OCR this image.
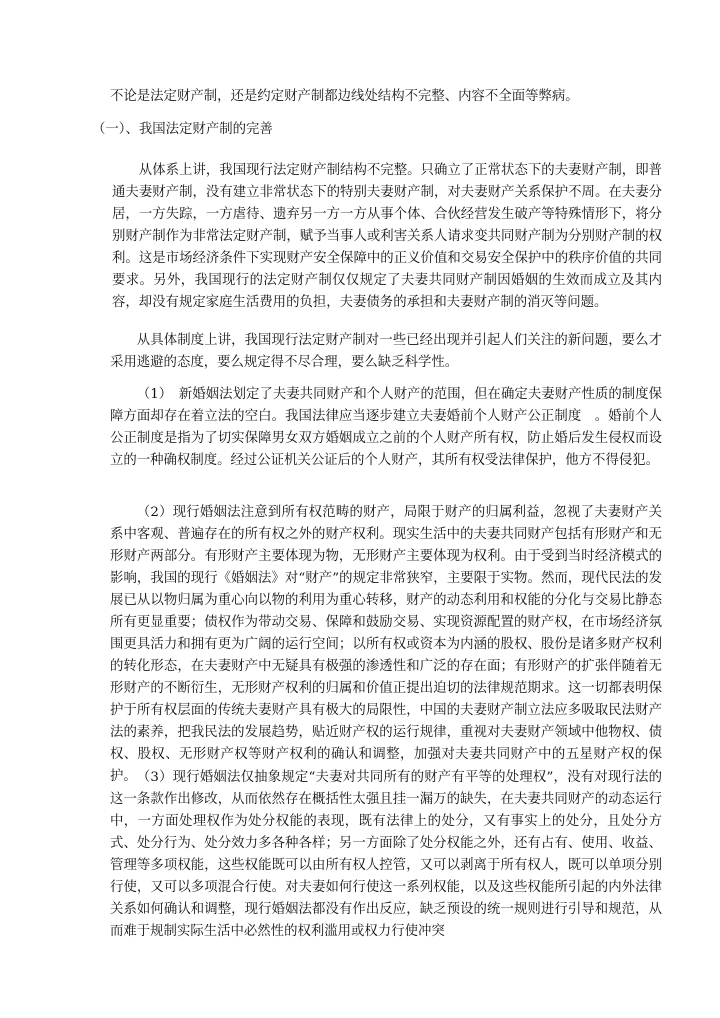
不论是法定财产制，还是约定财产制都边线处结构不完整、内容不全面等弊病。

（一）、我国法定财产制的完善

从体系上讲，我国现行法定财产制结构不完整。只确立了正常状态下的夫妻财产制，即普通夫妻财产制，没有建立非常状态下的特别夫妻财产制，对夫妻财产关系保护不周。在夫妻分居，一方失踪，一方虐待、遗弃另一方一方从事个体、合伙经营发生破产等特殊情形下，将分别财产制作为非常法定财产制，赋予当事人或利害关系人请求变共同财产制为分别财产制的权利。这是市场经济条件下实现财产安全保障中的正义价值和交易安全保护中的秩序价值的共同要求。另外，我国现行的法定财产制仅仅规定了夫妻共同财产制因婚姻的生效而成立及其内容，却没有规定家庭生活费用的负担，夫妻债务的承担和夫妻财产制的消灭等问题。

从具体制度上讲，我国现行法定财产制对一些已经出现并引起人们关注的新问题，要么才采用逃避的态度，要么规定得不尽合理，要么缺乏科学性。

（1）　新婚姻法划定了夫妻共同财产和个人财产的范围，但在确定夫妻财产性质的制度保障方面却存在着立法的空白。我国法律应当逐步建立夫妻婚前个人财产公正制度　。婚前个人公正制度是指为了切实保障男女双方婚姻成立之前的个人财产所有权，防止婚后发生侵权而设立的一种确权制度。经过公证机关公证后的个人财产，其所有权受法律保护，他方不得侵犯。

（2）现行婚姻法注意到所有权范畴的财产，局限于财产的归属利益，忽视了夫妻财产关系中客观、普遍存在的所有权之外的财产权利。现实生活中的夫妻共同财产包括有形财产和无形财产两部分。有形财产主要体现为物，无形财产主要体现为权利。由于受到当时经济模式的影响，我国的现行《婚姻法》对“财产”的规定非常狭窄，主要限于实物。然而，现代民法的发展已从以物归属为重心向以物的利用为重心转移，财产的动态利用和权能的分化与交易比静态所有更显重要；债权作为带动交易、保障和鼓励交易、实现资源配置的财产权，在市场经济氛围更具活力和拥有更为广阔的运行空间；以所有权或资本为内涵的股权、股份是诸多财产权利的转化形态，在夫妻财产中无疑具有极强的渗透性和广泛的存在面；有形财产的扩张伴随着无形财产的不断衍生，无形财产权利的归属和价值正提出迫切的法律规范期求。这一切都表明保护于所有权层面的传统夫妻财产具有极大的局限性，中国的夫妻财产制立法应多吸取民法财产法的素养，把我民法的发展趋势，贴近财产权的运行规律，重视对夫妻财产领域中他物权、债权、股权、无形财产权等财产权利的确认和调整，加强对夫妻共同财产中的五星财产权的保护。 （3）现行婚姻法仅抽象规定“夫妻对共同所有的财产有平等的处理权”，没有对现行法的这一条款作出修改，从而依然存在概括性太强且挂一漏万的缺失，在夫妻共同财产的动态运行中，一方面处理权作为处分权能的表现，既有法律上的处分，又有事实上的处分，且处分方式、处分行为、处分效力多各种各样；另一方面除了处分权能之外，还有占有、使用、收益、管理等多项权能，这些权能既可以由所有权人控管，又可以剥离于所有权人，既可以单项分别行使，又可以多项混合行使。对夫妻如何行使这一系列权能，以及这些权能所引起的内外法律关系如何确认和调整，现行婚姻法都没有作出反应，缺乏预设的统一规则进行引导和规范，从而难于规制实际生活中必然性的权利滥用或权力行使冲突
